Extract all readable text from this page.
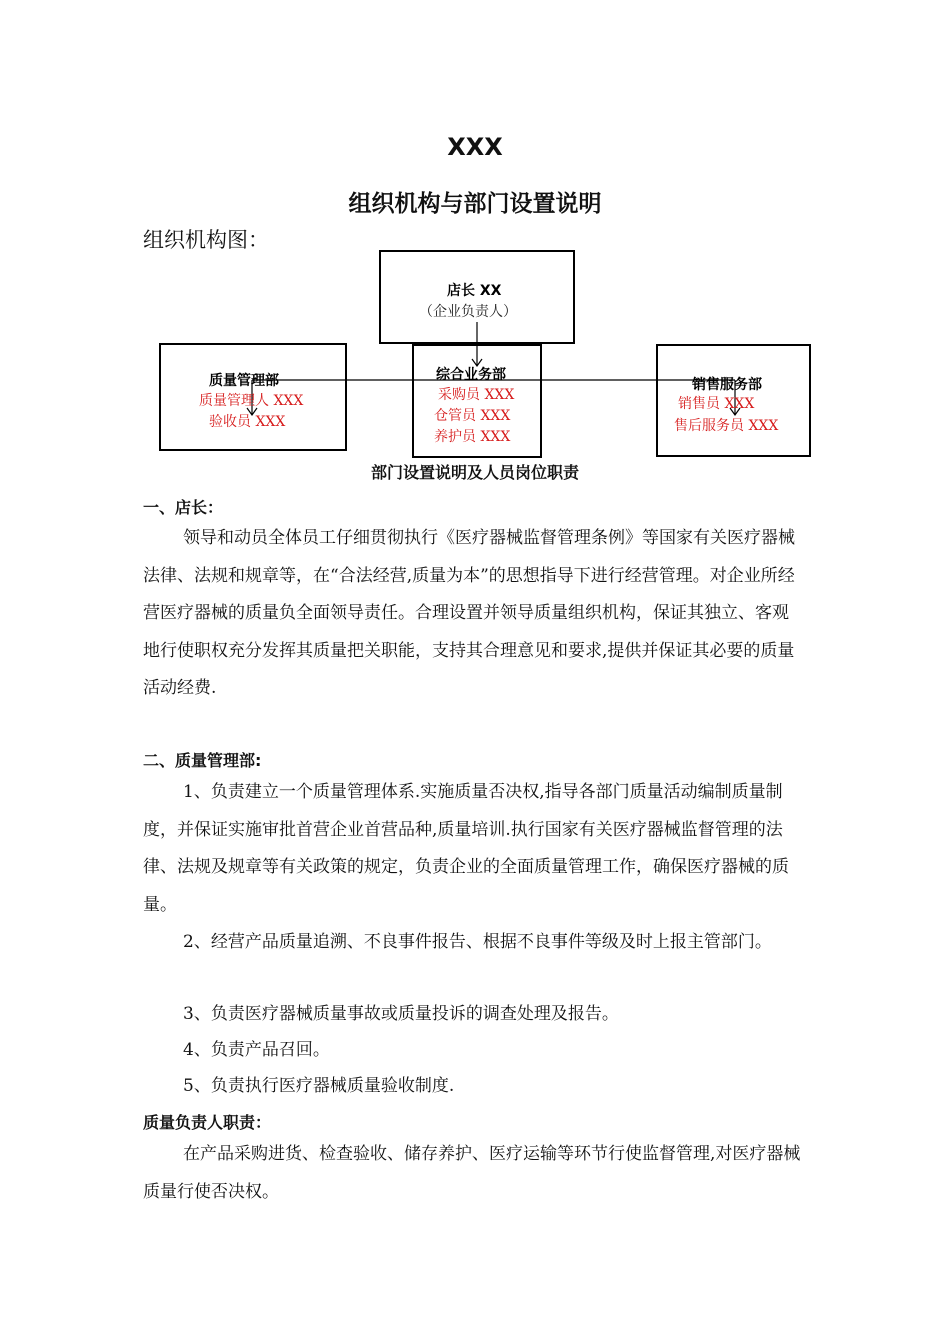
XXX
组织机构与部门设置说明
组织机构图：
店长 XX
（企业负责人）
质量管理部
质量管理人 XXX
验收员 XXX
综合业务部
采购员 XXX
仓管员 XXX
养护员 XXX
销售服务部
销售员 XXX
售后服务员 XXX
部门设置说明及人员岗位职责
一、店长：
领导和动员全体员工仔细贯彻执行《医疗器械监督管理条例》等国家有关医疗器械法律、法规和规章等，在“合法经营,质量为本”的思想指导下进行经营管理。对企业所经营医疗器械的质量负全面领导责任。合理设置并领导质量组织机构，保证其独立、客观地行使职权充分发挥其质量把关职能，支持其合理意见和要求,提供并保证其必要的质量活动经费.
二、质量管理部:
1、负责建立一个质量管理体系.实施质量否决权,指导各部门质量活动编制质量制度，并保证实施审批首营企业首营品种,质量培训.执行国家有关医疗器械监督管理的法律、法规及规章等有关政策的规定，负责企业的全面质量管理工作，确保医疗器械的质量。
2、经营产品质量追溯、不良事件报告、根据不良事件等级及时上报主管部门。
3、负责医疗器械质量事故或质量投诉的调查处理及报告。
4、负责产品召回。
5、负责执行医疗器械质量验收制度.
质量负责人职责：
在产品采购进货、检查验收、储存养护、医疗运输等环节行使监督管理,对医疗器械质量行使否决权。
